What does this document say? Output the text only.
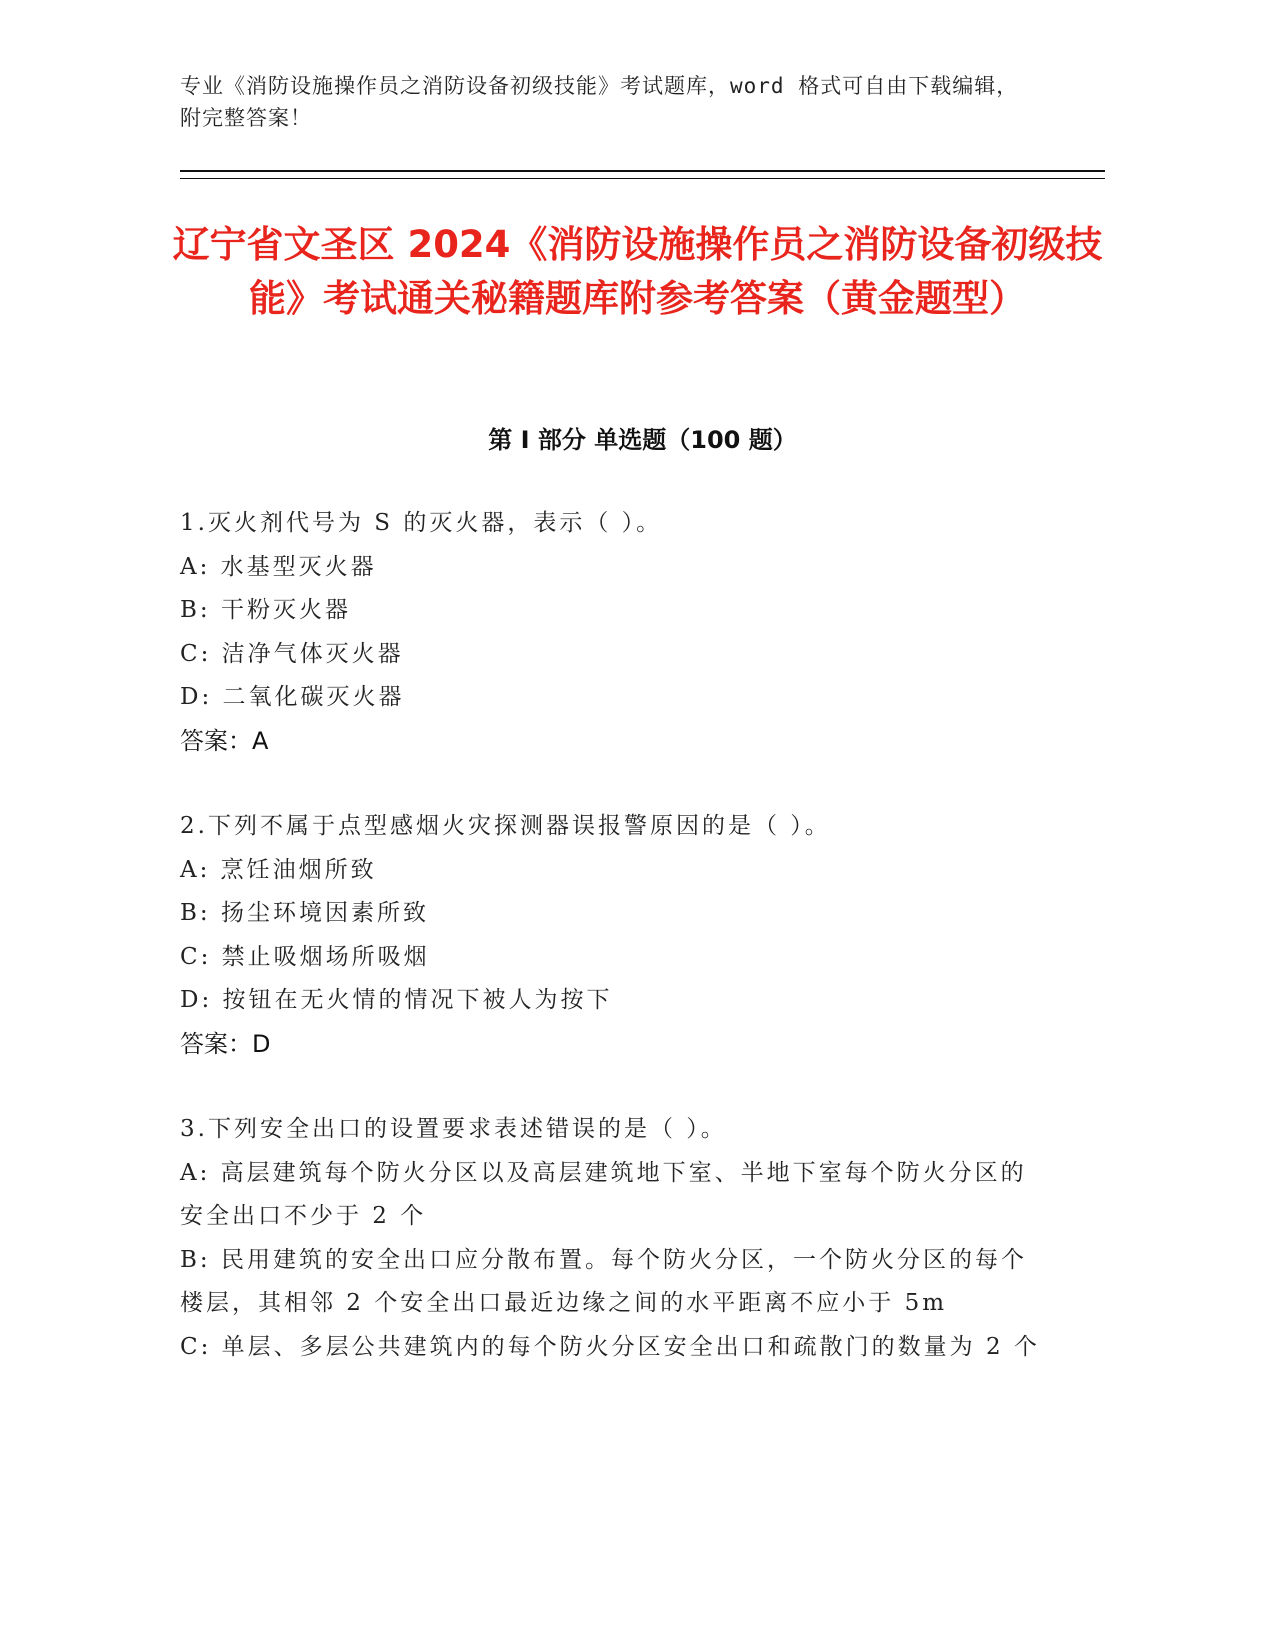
专业《消防设施操作员之消防设备初级技能》考试题库，word 格式可自由下载编辑，附完整答案！
辽宁省文圣区 2024《消防设施操作员之消防设备初级技能》考试通关秘籍题库附参考答案（黄金题型）
第 I 部分 单选题（100 题）
1.灭火剂代号为 S 的灭火器，表示（ ）。
A: 水基型灭火器
B: 干粉灭火器
C: 洁净气体灭火器
D: 二氧化碳灭火器
答案：A
2.下列不属于点型感烟火灾探测器误报警原因的是（ ）。
A: 烹饪油烟所致
B: 扬尘环境因素所致
C: 禁止吸烟场所吸烟
D: 按钮在无火情的情况下被人为按下
答案：D
3.下列安全出口的设置要求表述错误的是（ ）。
A: 高层建筑每个防火分区以及高层建筑地下室、半地下室每个防火分区的安全出口不少于 2 个
B: 民用建筑的安全出口应分散布置。每个防火分区，一个防火分区的每个楼层，其相邻 2 个安全出口最近边缘之间的水平距离不应小于 5m
C: 单层、多层公共建筑内的每个防火分区安全出口和疏散门的数量为 2 个
